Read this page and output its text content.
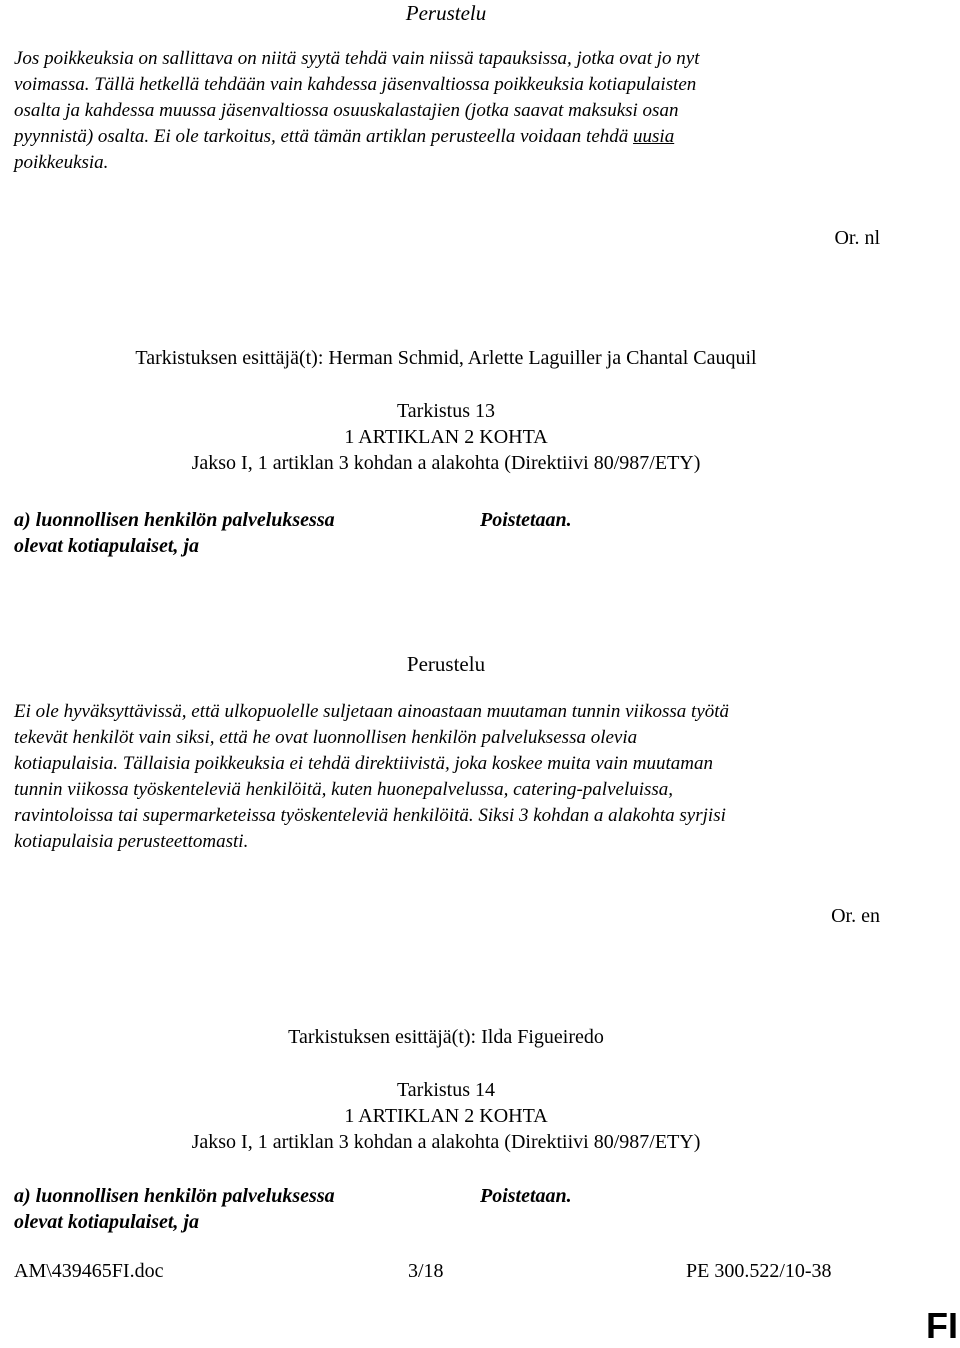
Perustelu
Jos poikkeuksia on sallittava on niitä syytä tehdä vain niissä tapauksissa, jotka ovat jo nyt
voimassa. Tällä hetkellä tehdään vain kahdessa jäsenvaltiossa poikkeuksia kotiapulaisten
osalta ja kahdessa muussa jäsenvaltiossa osuuskalastajien (jotka saavat maksuksi osan
pyynnistä) osalta. Ei ole tarkoitus, että tämän artiklan perusteella voidaan tehdä uusia
poikkeuksia.
Or. nl
Tarkistuksen esittäjä(t): Herman Schmid, Arlette Laguiller ja Chantal Cauquil
Tarkistus 13
1 ARTIKLAN 2 KOHTA
Jakso I, 1 artiklan 3 kohdan a alakohta (Direktiivi 80/987/ETY)
a) luonnollisen henkilön palveluksessa
olevat kotiapulaiset, ja
Poistetaan.
Perustelu
Ei ole hyväksyttävissä, että ulkopuolelle suljetaan ainoastaan muutaman tunnin viikossa työtä
tekevät henkilöt vain siksi, että he ovat luonnollisen henkilön palveluksessa olevia
kotiapulaisia. Tällaisia poikkeuksia ei tehdä direktiivistä, joka koskee muita vain muutaman
tunnin viikossa työskenteleviä henkilöitä, kuten huonepalvelussa, catering-palveluissa,
ravintoloissa tai supermarketeissa työskenteleviä henkilöitä. Siksi 3 kohdan a alakohta syrjisi
kotiapulaisia perusteettomasti.
Or. en
Tarkistuksen esittäjä(t): Ilda Figueiredo
Tarkistus 14
1 ARTIKLAN 2 KOHTA
Jakso I, 1 artiklan 3 kohdan a alakohta (Direktiivi 80/987/ETY)
a) luonnollisen henkilön palveluksessa
olevat kotiapulaiset, ja
Poistetaan.
AM\439465FI.doc	3/18	PE 300.522/10-38
FI
